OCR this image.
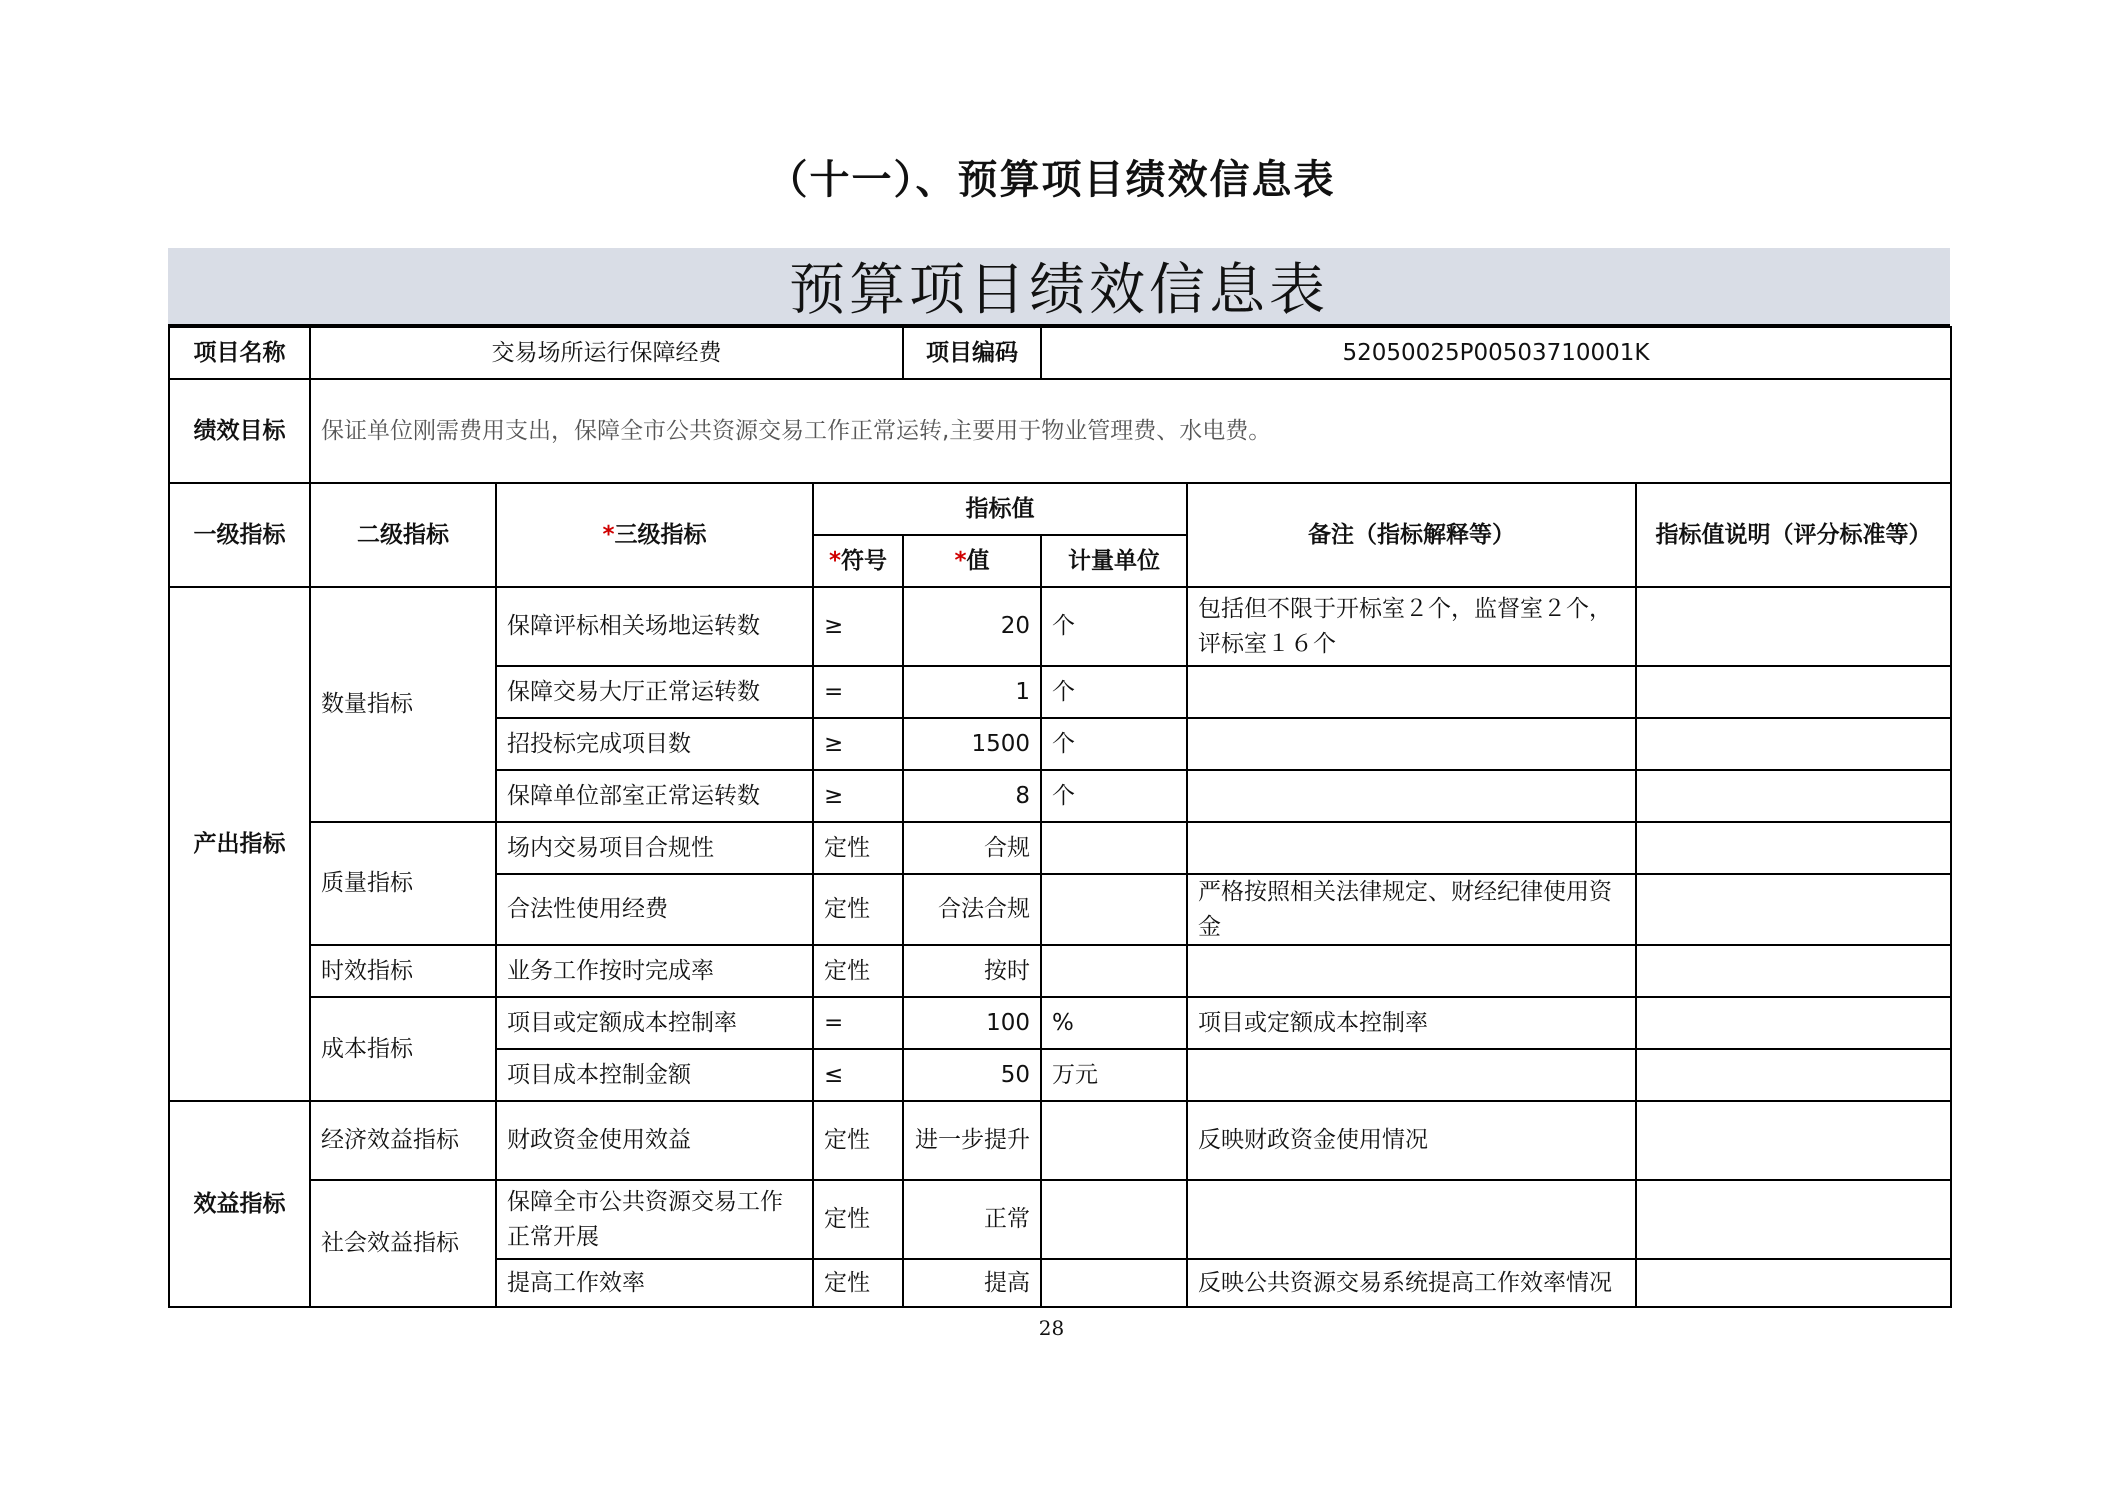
（十一）、预算项目绩效信息表
预算项目绩效信息表
项目名称	交易场所运行保障经费			项目编码	52050025P00503710001K		
绩效目标	保证单位刚需费用支出，保障全市公共资源交易工作正常运转,主要用于物业管理费、水电费。						
一级指标	二级指标	*三级指标	指标值			备注（指标解释等）	指标值说明（评分标准等）
			*符号	*值	计量单位		
产出指标	数量指标	保障评标相关场地运转数	≥	20	个	包括但不限于开标室２个，监督室２个，评标室１６个	
		保障交易大厅正常运转数	=	1	个		
		招投标完成项目数	≥	1500	个		
		保障单位部室正常运转数	≥	8	个		
	质量指标	场内交易项目合规性	定性	合规			
		合法性使用经费	定性	合法合规		严格按照相关法律规定、财经纪律使用资金	
	时效指标	业务工作按时完成率	定性	按时			
	成本指标	项目或定额成本控制率	=	100	%	项目或定额成本控制率	
		项目成本控制金额	≤	50	万元		
效益指标	经济效益指标	财政资金使用效益	定性	进一步提升		反映财政资金使用情况	
	社会效益指标	保障全市公共资源交易工作正常开展	定性	正常			
		提高工作效率	定性	提高		反映公共资源交易系统提高工作效率情况	
28
